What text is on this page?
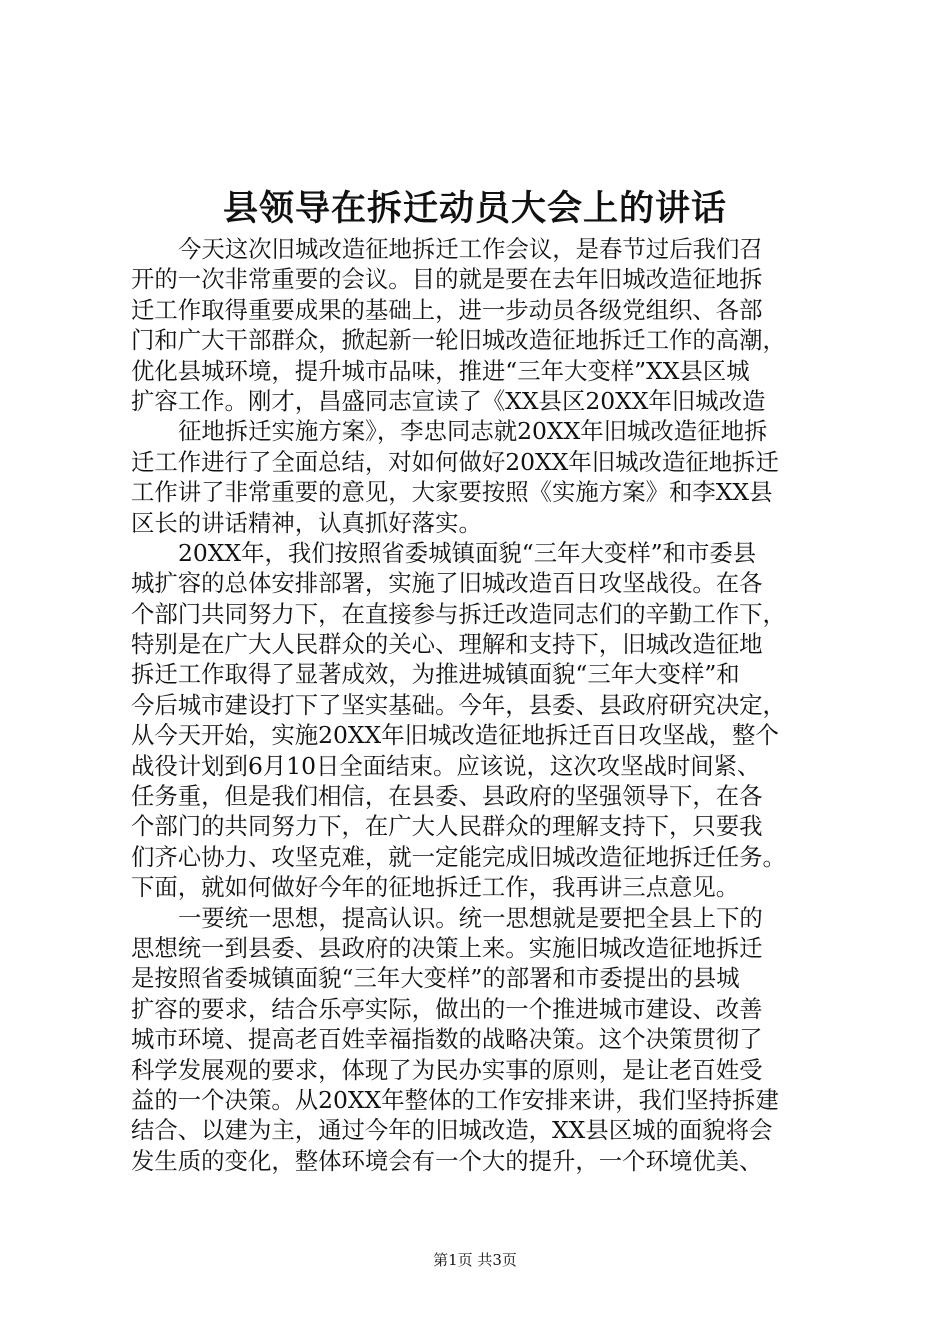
县领导在拆迁动员大会上的讲话
今天这次旧城改造征地拆迁工作会议，是春节过后我们召
开的一次非常重要的会议。目的就是要在去年旧城改造征地拆
迁工作取得重要成果的基础上，进一步动员各级党组织、各部
门和广大干部群众，掀起新一轮旧城改造征地拆迁工作的高潮，
优化县城环境，提升城市品味，推进“三年大变样”XX县区城
扩容工作。刚才，昌盛同志宣读了《XX县区20XX年旧城改造
征地拆迁实施方案》，李忠同志就20XX年旧城改造征地拆
迁工作进行了全面总结，对如何做好20XX年旧城改造征地拆迁
工作讲了非常重要的意见，大家要按照《实施方案》和李XX县
区长的讲话精神，认真抓好落实。
20XX年，我们按照省委城镇面貌“三年大变样”和市委县
城扩容的总体安排部署，实施了旧城改造百日攻坚战役。在各
个部门共同努力下，在直接参与拆迁改造同志们的辛勤工作下，
特别是在广大人民群众的关心、理解和支持下，旧城改造征地
拆迁工作取得了显著成效，为推进城镇面貌“三年大变样”和
今后城市建设打下了坚实基础。今年，县委、县政府研究决定，
从今天开始，实施20XX年旧城改造征地拆迁百日攻坚战，整个
战役计划到6月10日全面结束。应该说，这次攻坚战时间紧、
任务重，但是我们相信，在县委、县政府的坚强领导下，在各
个部门的共同努力下，在广大人民群众的理解支持下，只要我
们齐心协力、攻坚克难，就一定能完成旧城改造征地拆迁任务。
下面，就如何做好今年的征地拆迁工作，我再讲三点意见。
一要统一思想，提高认识。统一思想就是要把全县上下的
思想统一到县委、县政府的决策上来。实施旧城改造征地拆迁
是按照省委城镇面貌“三年大变样”的部署和市委提出的县城
扩容的要求，结合乐亭实际，做出的一个推进城市建设、改善
城市环境、提高老百姓幸福指数的战略决策。这个决策贯彻了
科学发展观的要求，体现了为民办实事的原则，是让老百姓受
益的一个决策。从20XX年整体的工作安排来讲，我们坚持拆建
结合、以建为主，通过今年的旧城改造，XX县区城的面貌将会
发生质的变化，整体环境会有一个大的提升，一个环境优美、
第1页 共3页
